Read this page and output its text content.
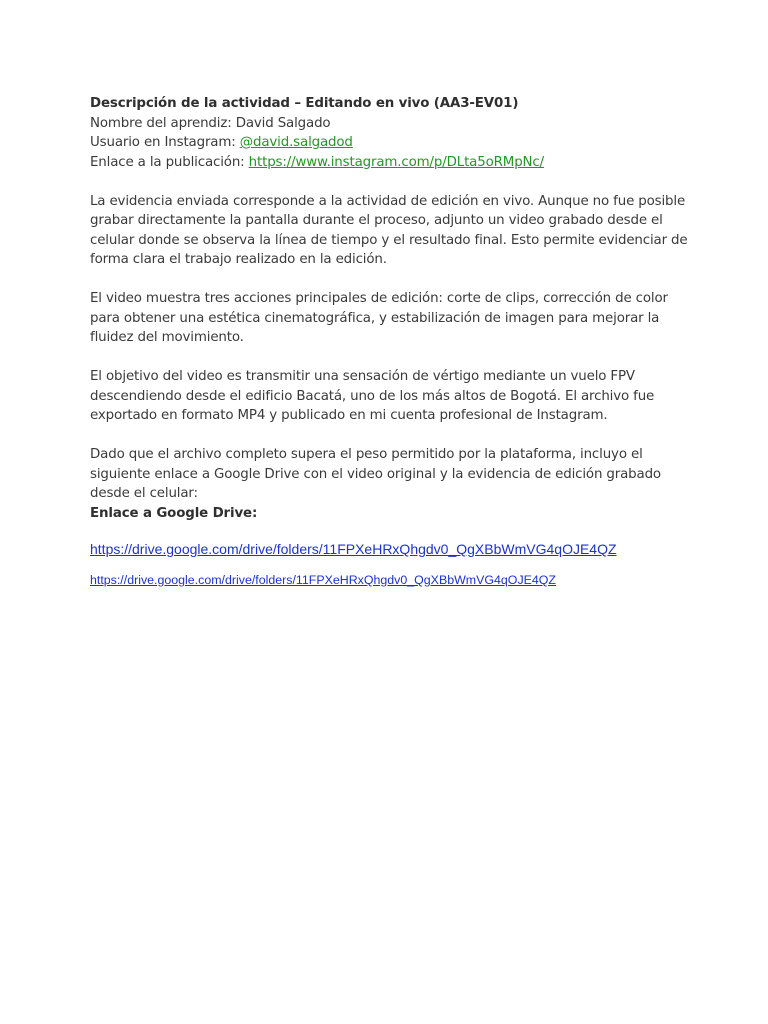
Descripción de la actividad – Editando en vivo (AA3-EV01)
Nombre del aprendiz: David Salgado
Usuario en Instagram: @david.salgadod
Enlace a la publicación: https://www.instagram.com/p/DLta5oRMpNc/

La evidencia enviada corresponde a la actividad de edición en vivo. Aunque no fue posible grabar directamente la pantalla durante el proceso, adjunto un video grabado desde el celular donde se observa la línea de tiempo y el resultado final. Esto permite evidenciar de forma clara el trabajo realizado en la edición.

El video muestra tres acciones principales de edición: corte de clips, corrección de color para obtener una estética cinematográfica, y estabilización de imagen para mejorar la fluidez del movimiento.

El objetivo del video es transmitir una sensación de vértigo mediante un vuelo FPV descendiendo desde el edificio Bacatá, uno de los más altos de Bogotá. El archivo fue exportado en formato MP4 y publicado en mi cuenta profesional de Instagram.

Dado que el archivo completo supera el peso permitido por la plataforma, incluyo el siguiente enlace a Google Drive con el video original y la evidencia de edición grabado desde el celular:

Enlace a Google Drive:
https://drive.google.com/drive/folders/11FPXeHRxQhgdv0_QgXBbWmVG4qOJE4QZ
https://drive.google.com/drive/folders/11FPXeHRxQhgdv0_QgXBbWmVG4qOJE4QZ
